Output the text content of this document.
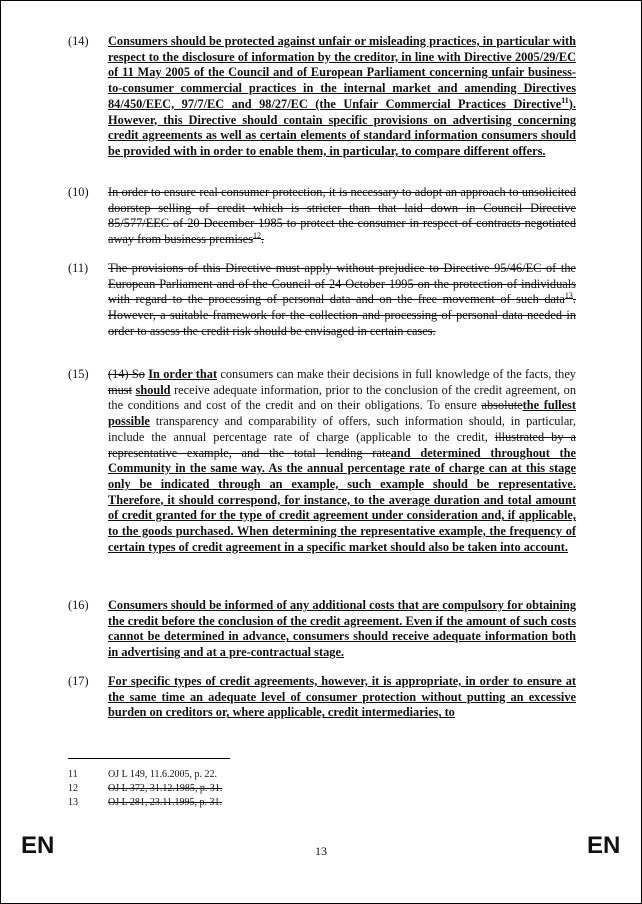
(14)	Consumers should be protected against unfair or misleading practices, in particular with respect to the disclosure of information by the creditor, in line with Directive 2005/29/EC of 11 May 2005 of the Council and of European Parliament concerning unfair business-to-consumer commercial practices in the internal market and amending Directives 84/450/EEC, 97/7/EC and 98/27/EC (the Unfair Commercial Practices Directive$^{11}$). However, this Directive should contain specific provisions on advertising concerning credit agreements as well as certain elements of standard information consumers should be provided with in order to enable them, in particular, to compare different offers.
(10)	In order to ensure real consumer protection, it is necessary to adopt an approach to unsolicited doorstep selling of credit which is stricter than that laid down in Council Directive 85/577/EEC of 20 December 1985 to protect the consumer in respect of contracts negotiated away from business premises$^{12}$.
(11)	The provisions of this Directive must apply without prejudice to Directive 95/46/EC of the European Parliament and of the Council of 24 October 1995 on the protection of individuals with regard to the processing of personal data and on the free movement of such data$^{13}$. However, a suitable framework for the collection and processing of personal data needed in order to assess the credit risk should be envisaged in certain cases.
(15)	(14) So In order that consumers can make their decisions in full knowledge of the facts, they must should receive adequate information, prior to the conclusion of the credit agreement, on the conditions and cost of the credit and on their obligations. To ensure absolutethe fullest possible transparency and comparability of offers, such information should, in particular, include the annual percentage rate of charge (applicable to the credit, illustrated by a representative example, and the total lending rateand determined throughout the Community in the same way. As the annual percentage rate of charge can at this stage only be indicated through an example, such example should be representative. Therefore, it should correspond, for instance, to the average duration and total amount of credit granted for the type of credit agreement under consideration and, if applicable, to the goods purchased. When determining the representative example, the frequency of certain types of credit agreement in a specific market should also be taken into account.
(16)	Consumers should be informed of any additional costs that are compulsory for obtaining the credit before the conclusion of the credit agreement. Even if the amount of such costs cannot be determined in advance, consumers should receive adequate information both in advertising and at a pre-contractual stage.
(17)	For specific types of credit agreements, however, it is appropriate, in order to ensure at the same time an adequate level of consumer protection without putting an excessive burden on creditors or, where applicable, credit intermediaries, to
11	OJ L 149, 11.6.2005, p. 22.
12	OJ L 372, 31.12.1985, p. 31.
13	OJ L 281, 23.11.1995, p. 31.
EN	13	EN
